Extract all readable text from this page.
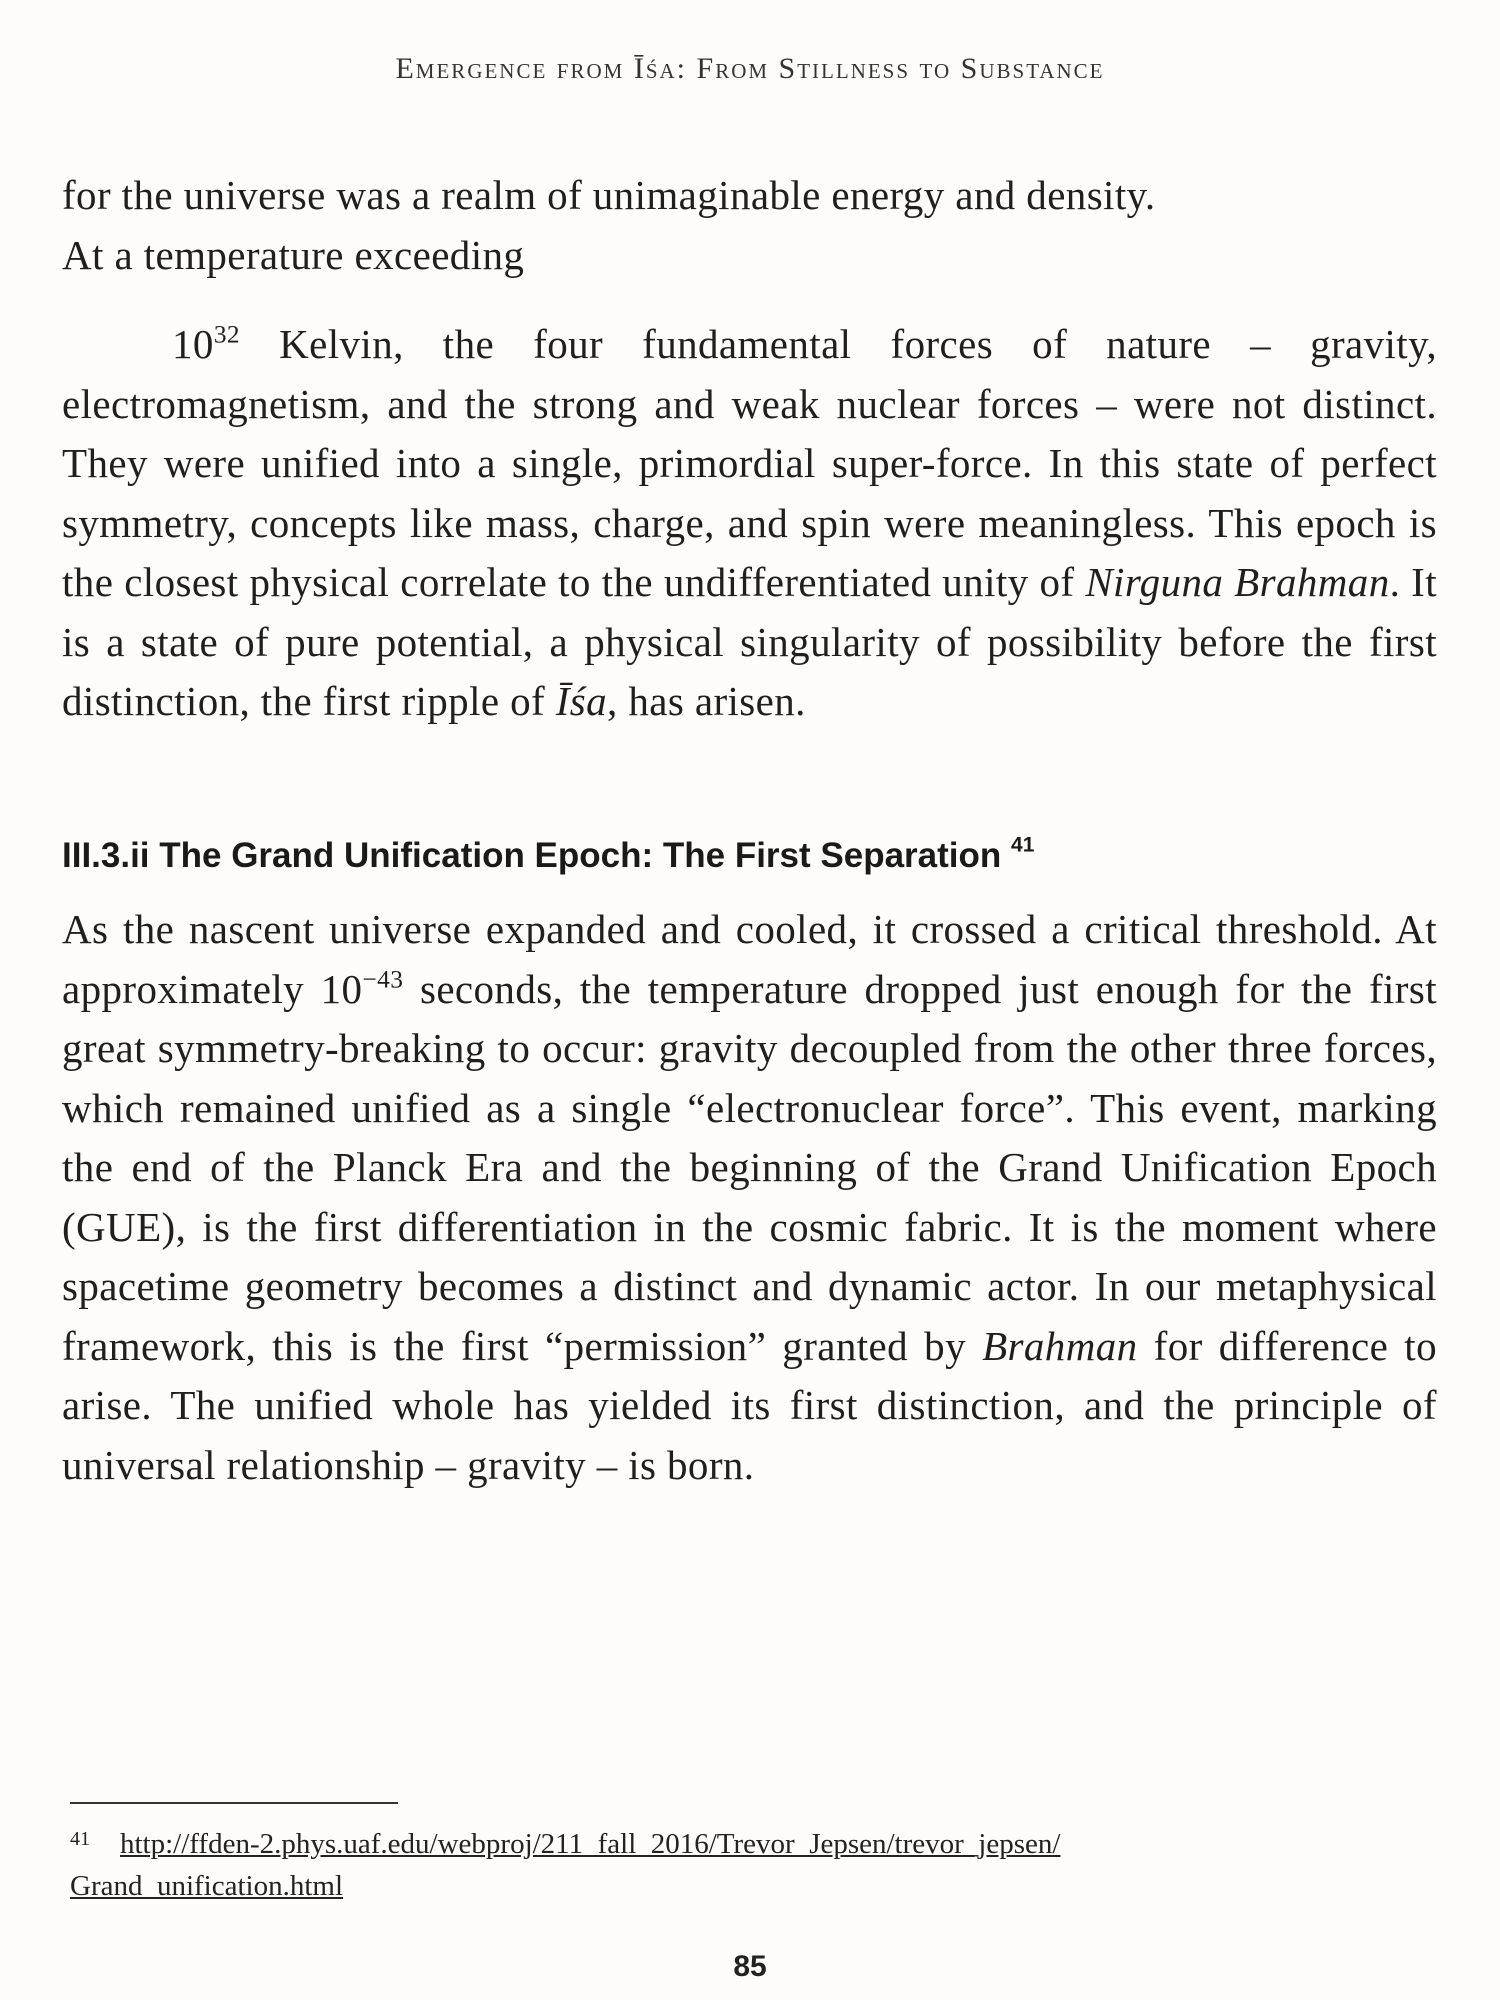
Emergence from Īśa: From Stillness to Substance
for the universe was a realm of unimaginable energy and density.
At a temperature exceeding
$10^{32}$ Kelvin, the four fundamental forces of nature – gravity, electromagnetism, and the strong and weak nuclear forces – were not distinct. They were unified into a single, primordial super-force. In this state of perfect symmetry, concepts like mass, charge, and spin were meaningless. This epoch is the closest physical correlate to the undifferentiated unity of Nirguna Brahman. It is a state of pure potential, a physical singularity of possibility before the first distinction, the first ripple of Īśa, has arisen.
III.3.ii The Grand Unification Epoch: The First Separation $^{41}$
As the nascent universe expanded and cooled, it crossed a critical threshold. At approximately $10^{-43}$ seconds, the temperature dropped just enough for the first great symmetry-breaking to occur: gravity decoupled from the other three forces, which remained unified as a single “electronuclear force”. This event, marking the end of the Planck Era and the beginning of the Grand Unification Epoch (GUE), is the first differentiation in the cosmic fabric. It is the moment where spacetime geometry becomes a distinct and dynamic actor. In our metaphysical framework, this is the first “permission” granted by Brahman for difference to arise. The unified whole has yielded its first distinction, and the principle of universal relationship – gravity – is born.
$^{41}$ http://ffden-2.phys.uaf.edu/webproj/211_fall_2016/Trevor_Jepsen/trevor_jepsen/
Grand_unification.html
85
